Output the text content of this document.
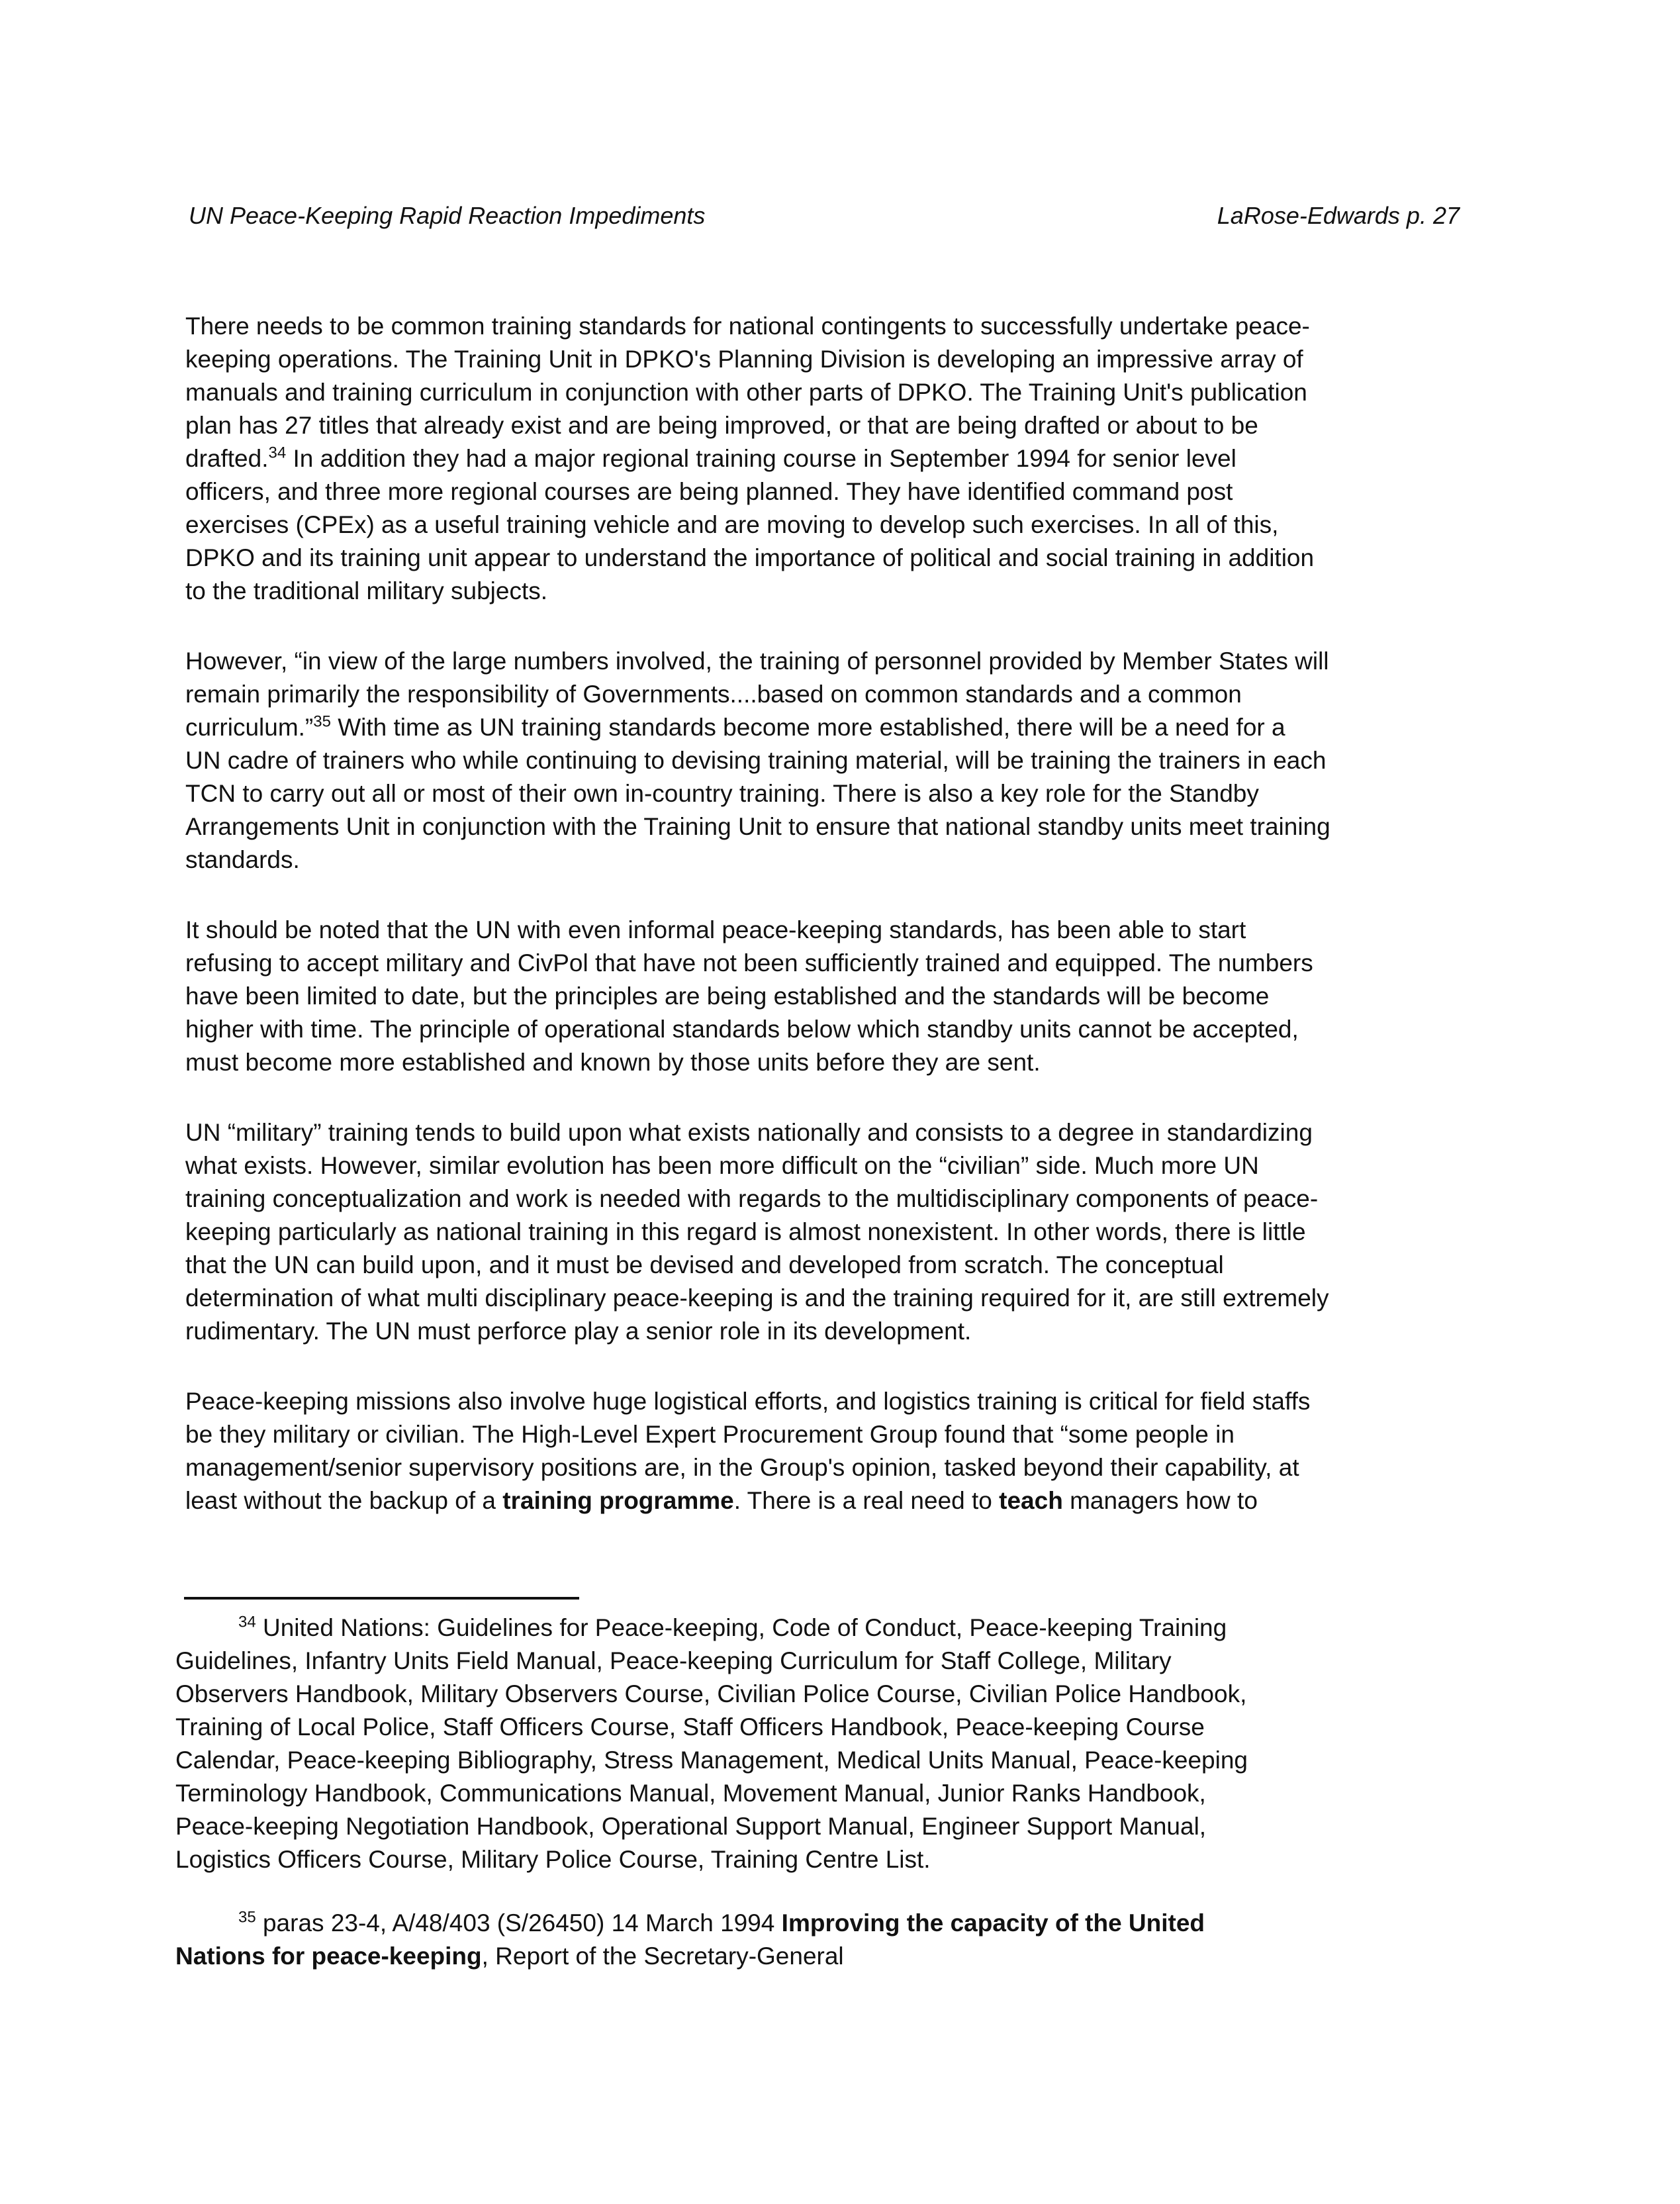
UN Peace-Keeping Rapid Reaction Impediments	LaRose-Edwards p. 27

There needs to be common training standards for national contingents to successfully undertake peace-
keeping operations. The Training Unit in DPKO's Planning Division is developing an impressive array of
manuals and training curriculum in conjunction with other parts of DPKO. The Training Unit's publication
plan has 27 titles that already exist and are being improved, or that are being drafted or about to be
drafted.$^{34}$ In addition they had a major regional training course in September 1994 for senior level
officers, and three more regional courses are being planned. They have identified command post
exercises (CPEx) as a useful training vehicle and are moving to develop such exercises. In all of this,
DPKO and its training unit appear to understand the importance of political and social training in addition
to the traditional military subjects.

However, “in view of the large numbers involved, the training of personnel provided by Member States will
remain primarily the responsibility of Governments....based on common standards and a common
curriculum.”$^{35}$ With time as UN training standards become more established, there will be a need for a
UN cadre of trainers who while continuing to devising training material, will be training the trainers in each
TCN to carry out all or most of their own in-country training. There is also a key role for the Standby
Arrangements Unit in conjunction with the Training Unit to ensure that national standby units meet training
standards.

It should be noted that the UN with even informal peace-keeping standards, has been able to start
refusing to accept military and CivPol that have not been sufficiently trained and equipped. The numbers
have been limited to date, but the principles are being established and the standards will be become
higher with time. The principle of operational standards below which standby units cannot be accepted,
must become more established and known by those units before they are sent.

UN “military” training tends to build upon what exists nationally and consists to a degree in standardizing
what exists. However, similar evolution has been more difficult on the “civilian” side. Much more UN
training conceptualization and work is needed with regards to the multidisciplinary components of peace-
keeping particularly as national training in this regard is almost nonexistent. In other words, there is little
that the UN can build upon, and it must be devised and developed from scratch. The conceptual
determination of what multi disciplinary peace-keeping is and the training required for it, are still extremely
rudimentary. The UN must perforce play a senior role in its development.

Peace-keeping missions also involve huge logistical efforts, and logistics training is critical for field staffs
be they military or civilian. The High-Level Expert Procurement Group found that “some people in
management/senior supervisory positions are, in the Group's opinion, tasked beyond their capability, at
least without the backup of a training programme. There is a real need to teach managers how to

$^{34}$ United Nations: Guidelines for Peace-keeping, Code of Conduct, Peace-keeping Training
Guidelines, Infantry Units Field Manual, Peace-keeping Curriculum for Staff College, Military
Observers Handbook, Military Observers Course, Civilian Police Course, Civilian Police Handbook,
Training of Local Police, Staff Officers Course, Staff Officers Handbook, Peace-keeping Course
Calendar, Peace-keeping Bibliography, Stress Management, Medical Units Manual, Peace-keeping
Terminology Handbook, Communications Manual, Movement Manual, Junior Ranks Handbook,
Peace-keeping Negotiation Handbook, Operational Support Manual, Engineer Support Manual,
Logistics Officers Course, Military Police Course, Training Centre List.
$^{35}$ paras 23-4, A/48/403 (S/26450) 14 March 1994 Improving the capacity of the United
Nations for peace-keeping, Report of the Secretary-General
